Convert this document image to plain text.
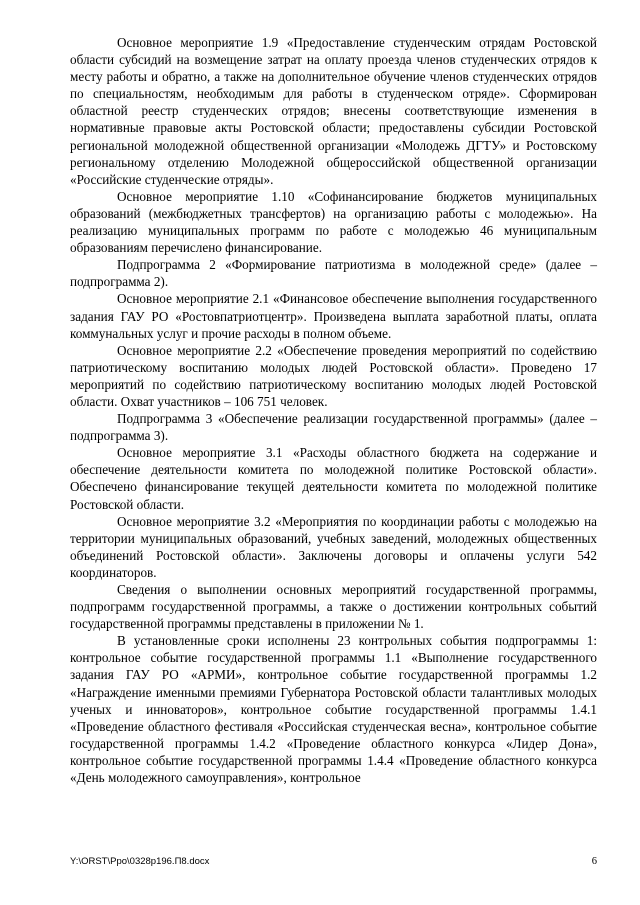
Основное мероприятие 1.9 «Предоставление студенческим отрядам Ростовской области субсидий на возмещение затрат на оплату проезда членов студенческих отрядов к месту работы и обратно, а также на дополнительное обучение членов студенческих отрядов по специальностям, необходимым для работы в студенческом отряде». Сформирован областной реестр студенческих отрядов; внесены соответствующие изменения в нормативные правовые акты Ростовской области; предоставлены субсидии Ростовской региональной молодежной общественной организации «Молодежь ДГТУ» и Ростовскому региональному отделению Молодежной общероссийской общественной организации «Российские студенческие отряды».

Основное мероприятие 1.10 «Софинансирование бюджетов муниципальных образований (межбюджетных трансфертов) на организацию работы с молодежью». На реализацию муниципальных программ по работе с молодежью 46 муниципальным образованиям перечислено финансирование.

Подпрограмма 2 «Формирование патриотизма в молодежной среде» (далее – подпрограмма 2).

Основное мероприятие 2.1 «Финансовое обеспечение выполнения государственного задания ГАУ РО «Ростовпатриотцентр». Произведена выплата заработной платы, оплата коммунальных услуг и прочие расходы в полном объеме.

Основное мероприятие 2.2 «Обеспечение проведения мероприятий по содействию патриотическому воспитанию молодых людей Ростовской области». Проведено 17 мероприятий по содействию патриотическому воспитанию молодых людей Ростовской области. Охват участников – 106 751 человек.

Подпрограмма 3 «Обеспечение реализации государственной программы» (далее – подпрограмма 3).

Основное мероприятие 3.1 «Расходы областного бюджета на содержание и обеспечение деятельности комитета по молодежной политике Ростовской области». Обеспечено финансирование текущей деятельности комитета по молодежной политике Ростовской области.

Основное мероприятие 3.2 «Мероприятия по координации работы с молодежью на территории муниципальных образований, учебных заведений, молодежных общественных объединений Ростовской области». Заключены договоры и оплачены услуги 542 координаторов.

Сведения о выполнении основных мероприятий государственной программы, подпрограмм государственной программы, а также о достижении контрольных событий государственной программы представлены в приложении № 1.

В установленные сроки исполнены 23 контрольных события подпрограммы 1: контрольное событие государственной программы 1.1 «Выполнение государственного задания ГАУ РО «АРМИ», контрольное событие государственной программы 1.2 «Награждение именными премиями Губернатора Ростовской области талантливых молодых ученых и инноваторов», контрольное событие государственной программы 1.4.1 «Проведение областного фестиваля «Российская студенческая весна», контрольное событие государственной программы 1.4.2 «Проведение областного конкурса «Лидер Дона», контрольное событие государственной программы 1.4.4 «Проведение областного конкурса «День молодежного самоуправления», контрольное

Y:\ORST\Ppo\0328p196.П8.docx	6
